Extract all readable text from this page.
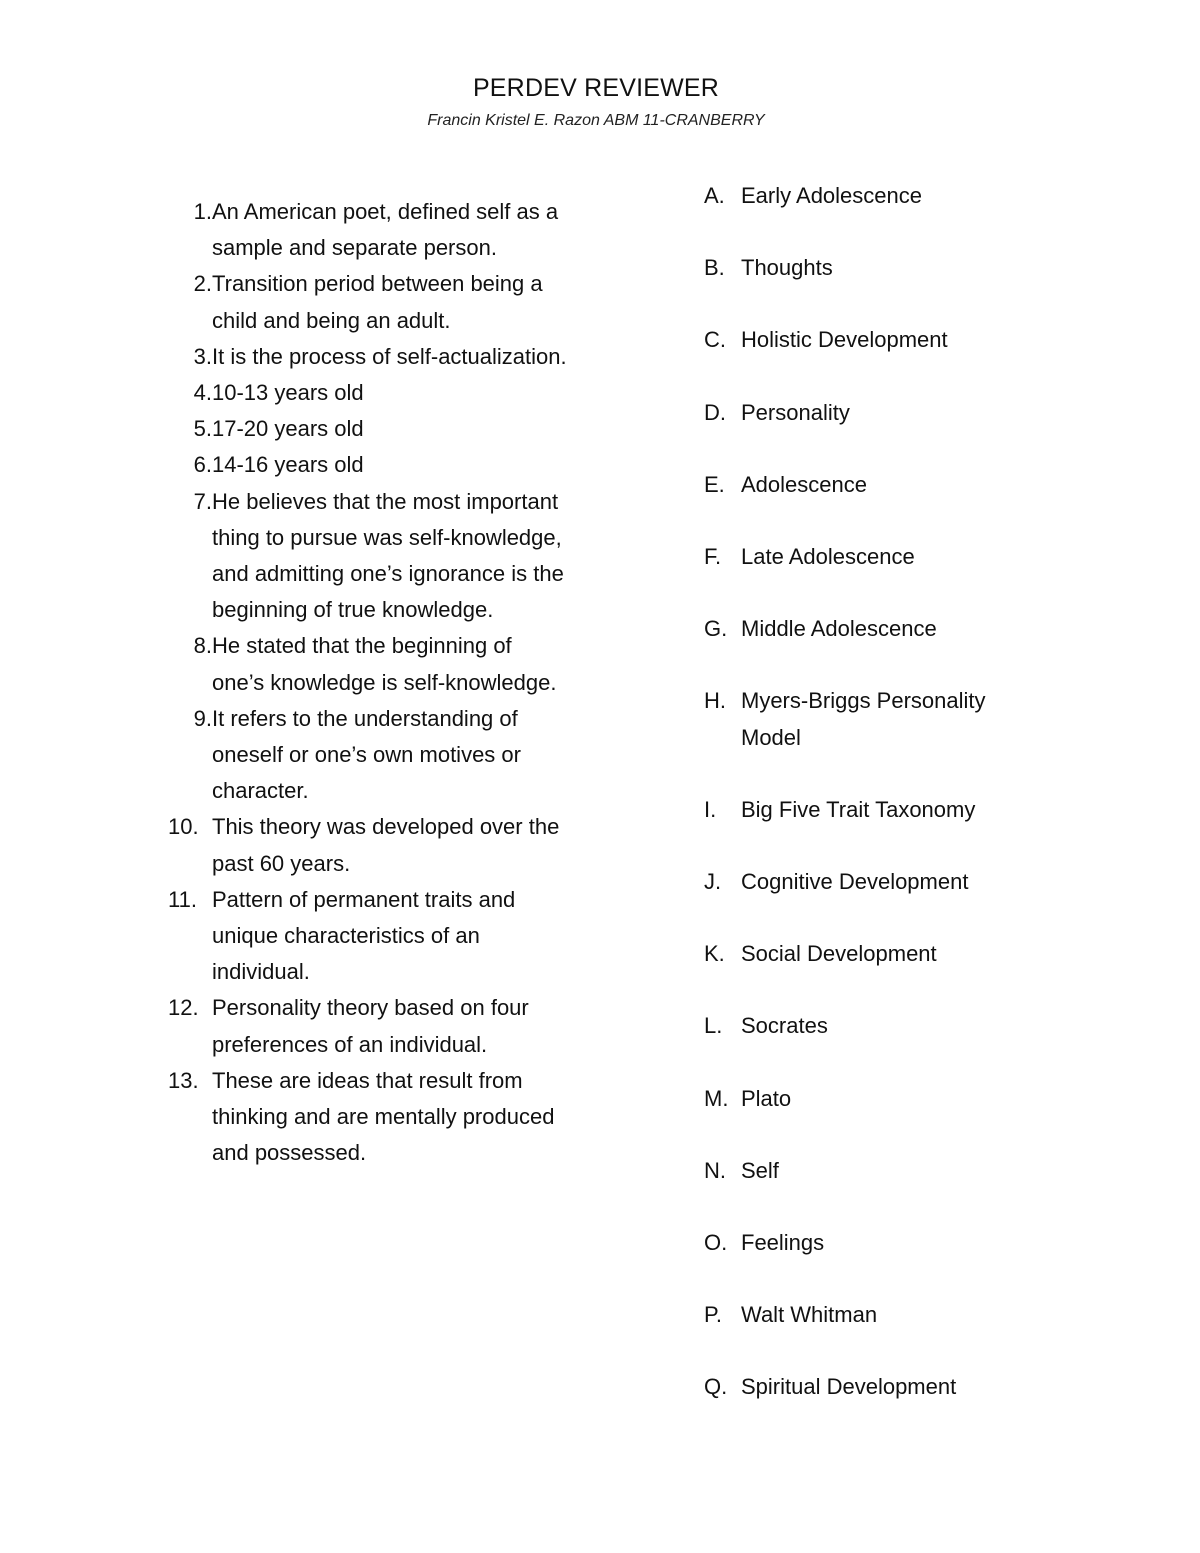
PERDEV REVIEWER

Francin Kristel E. Razon ABM 11-CRANBERRY

1. An American poet, defined self as a sample and separate person.
2. Transition period between being a child and being an adult.
3. It is the process of self-actualization.
4. 10-13 years old
5. 17-20 years old
6. 14-16 years old
7. He believes that the most important thing to pursue was self-knowledge, and admitting one’s ignorance is the beginning of true knowledge.
8. He stated that the beginning of one’s knowledge is self-knowledge.
9. It refers to the understanding of oneself or one’s own motives or character.
10. This theory was developed over the past 60 years.
11. Pattern of permanent traits and unique characteristics of an individual.
12. Personality theory based on four preferences of an individual.
13. These are ideas that result from thinking and are mentally produced and possessed.
A. Early Adolescence
B. Thoughts
C. Holistic Development
D. Personality
E. Adolescence
F. Late Adolescence
G. Middle Adolescence
H. Myers-Briggs Personality Model
I.	Big Five Trait Taxonomy
J. Cognitive Development
K. Social Development
L. Socrates
M. Plato
N. Self
O. Feelings
P. Walt Whitman
Q. Spiritual Development
